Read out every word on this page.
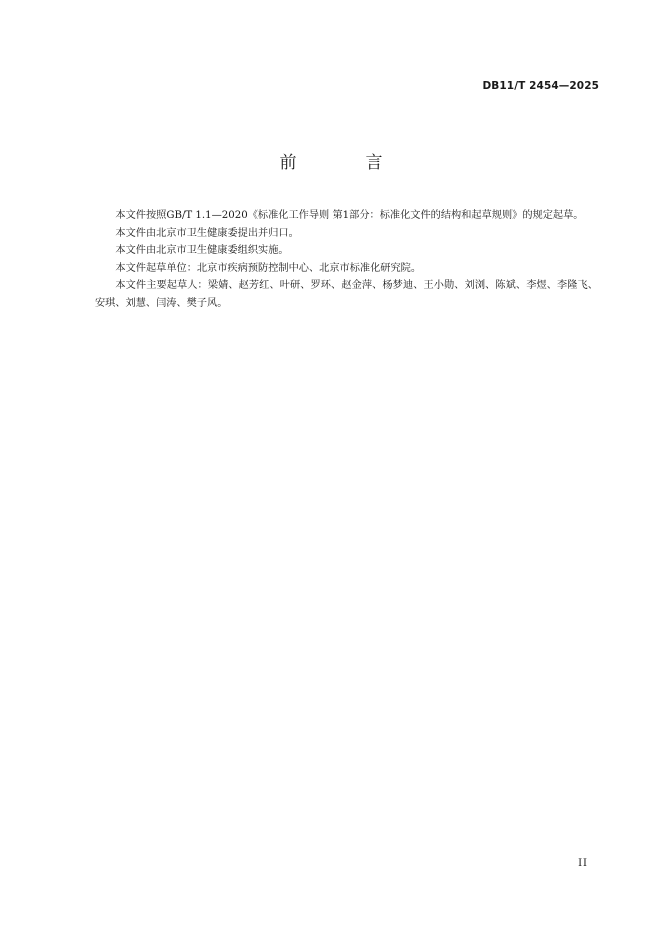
DB11/T 2454—2025
前　言

本文件按照GB/T 1.1—2020《标准化工作导则 第1部分：标准化文件的结构和起草规则》的规定起草。

本文件由北京市卫生健康委提出并归口。

本文件由北京市卫生健康委组织实施。

本文件起草单位：北京市疾病预防控制中心、北京市标准化研究院。

本文件主要起草人：梁婧、赵芳红、叶研、罗环、赵金萍、杨梦迪、王小勋、刘浏、陈斌、李煜、李隆飞、安琪、刘慧、闫涛、樊子风。

II
